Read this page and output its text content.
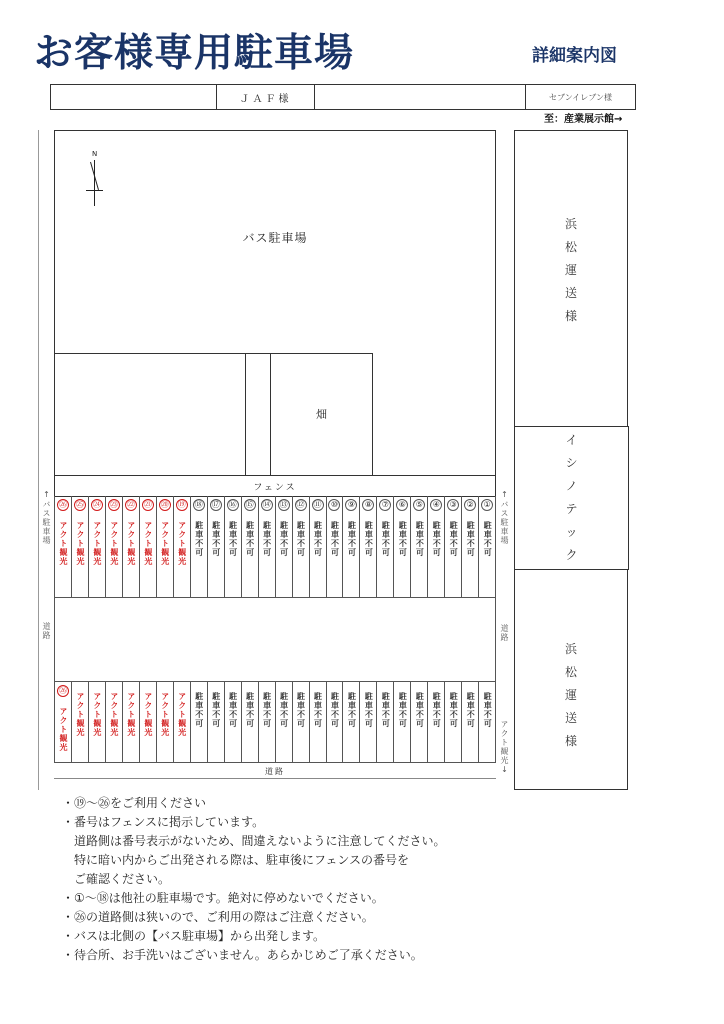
お客様専用駐車場	詳細案内図
ＪＡＦ様	セブンイレブン様
至：産業展示館→
バス駐車場
N
畑
フェンス
㉖
アクト観光
㉕
アクト観光
㉔
アクト観光
㉓
アクト観光
㉒
アクト観光
㉑
アクト観光
⑳
アクト観光
⑲
アクト観光
⑱
駐車不可
⑰
駐車不可
⑯
駐車不可
⑮
駐車不可
⑭
駐車不可
⑬
駐車不可
⑫
駐車不可
⑪
駐車不可
⑩
駐車不可
⑨
駐車不可
⑧
駐車不可
⑦
駐車不可
⑥
駐車不可
⑤
駐車不可
④
駐車不可
③
駐車不可
②
駐車不可
①
駐車不可
㉖
アクト観光 アクト観光 アクト観光 アクト観光 アクト観光 アクト観光 アクト観光 アクト観光 駐車不可 駐車不可 駐車不可 駐車不可 駐車不可 駐車不可 駐車不可 駐車不可 駐車不可 駐車不可 駐車不可 駐車不可 駐車不可 駐車不可 駐車不可 駐車不可 駐車不可 駐車不可
道路
↑バス駐車場
道路
↑バス駐車場
道路
アクト観光↓
浜
松
運
送
様
イ
シ
ノ
テ
ッ
ク
浜
松
運
送
様
・⑲～㉖をご利用ください
・番号はフェンスに掲示しています。
道路側は番号表示がないため、間違えないように注意してください。
特に暗い内からご出発される際は、駐車後にフェンスの番号を
ご確認ください。
・①～⑱は他社の駐車場です。絶対に停めないでください。
・㉖の道路側は狭いので、ご利用の際はご注意ください。
・バスは北側の【バス駐車場】から出発します。
・待合所、お手洗いはございません。あらかじめご了承ください。
